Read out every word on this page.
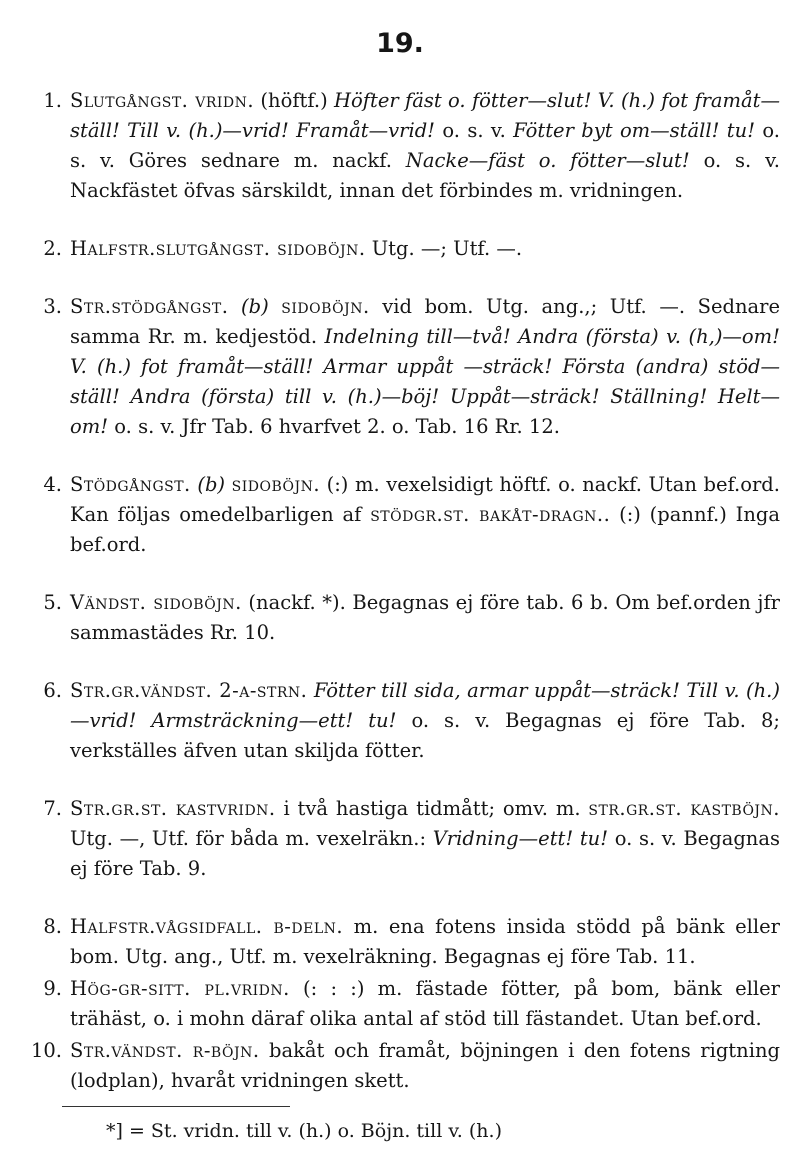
19.
1. Slutgångst. vridn. (höftf.) Höfter fäst o. fötter—slut! V. (h.) fot framåt—ställ! Till v. (h.)—vrid! Framåt—vrid! o. s. v. Fötter byt om—ställ! tu! o. s. v. Göres sednare m. nackf. Nacke—fäst o. fötter—slut! o. s. v. Nackfästet öfvas särskildt, innan det förbindes m. vridningen.
2. Halfstr.slutgångst. sidoböjn. Utg. —; Utf. —.
3. Str.stödgångst. (b) sidoböjn. vid bom. Utg. ang.,; Utf. —. Sednare samma Rr. m. kedjestöd. Indelning till—två! Andra (första) v. (h,)—om! V. (h.) fot framåt—ställ! Armar uppåt —sträck! Första (andra) stöd—ställ! Andra (första) till v. (h.)—böj! Uppåt—sträck! Ställning! Helt—om! o. s. v. Jfr Tab. 6 hvarfvet 2. o. Tab. 16 Rr. 12.
4. Stödgångst. (b) sidoböjn. (:) m. vexelsidigt höftf. o. nackf. Utan bef.ord. Kan följas omedelbarligen af stödgr.st. bakåt-dragn.. (:) (pannf.) Inga bef.ord.
5. Vändst. sidoböjn. (nackf. *). Begagnas ej före tab. 6 b. Om bef.orden jfr sammastädes Rr. 10.
6. Str.gr.vändst. 2-a-strn. Fötter till sida, armar uppåt—sträck! Till v. (h.)—vrid! Armsträckning—ett! tu! o. s. v. Begagnas ej före Tab. 8; verkställes äfven utan skiljda fötter.
7. Str.gr.st. kastvridn. i två hastiga tidmått; omv. m. str.gr.st. kastböjn. Utg. —, Utf. för båda m. vexelräkn.: Vridning—ett! tu! o. s. v. Begagnas ej före Tab. 9.
8. Halfstr.vågsidfall. b-deln. m. ena fotens insida stödd på bänk eller bom. Utg. ang., Utf. m. vexelräkning. Begagnas ej före Tab. 11.
9. Hög-gr-sitt. pl.vridn. (: : :) m. fästade fötter, på bom, bänk eller trähäst, o. i mohn däraf olika antal af stöd till fästandet. Utan bef.ord.
10. Str.vändst. r-böjn. bakåt och framåt, böjningen i den fotens rigtning (lodplan), hvaråt vridningen skett.
*] = St. vridn. till v. (h.) o. Böjn. till v. (h.)
